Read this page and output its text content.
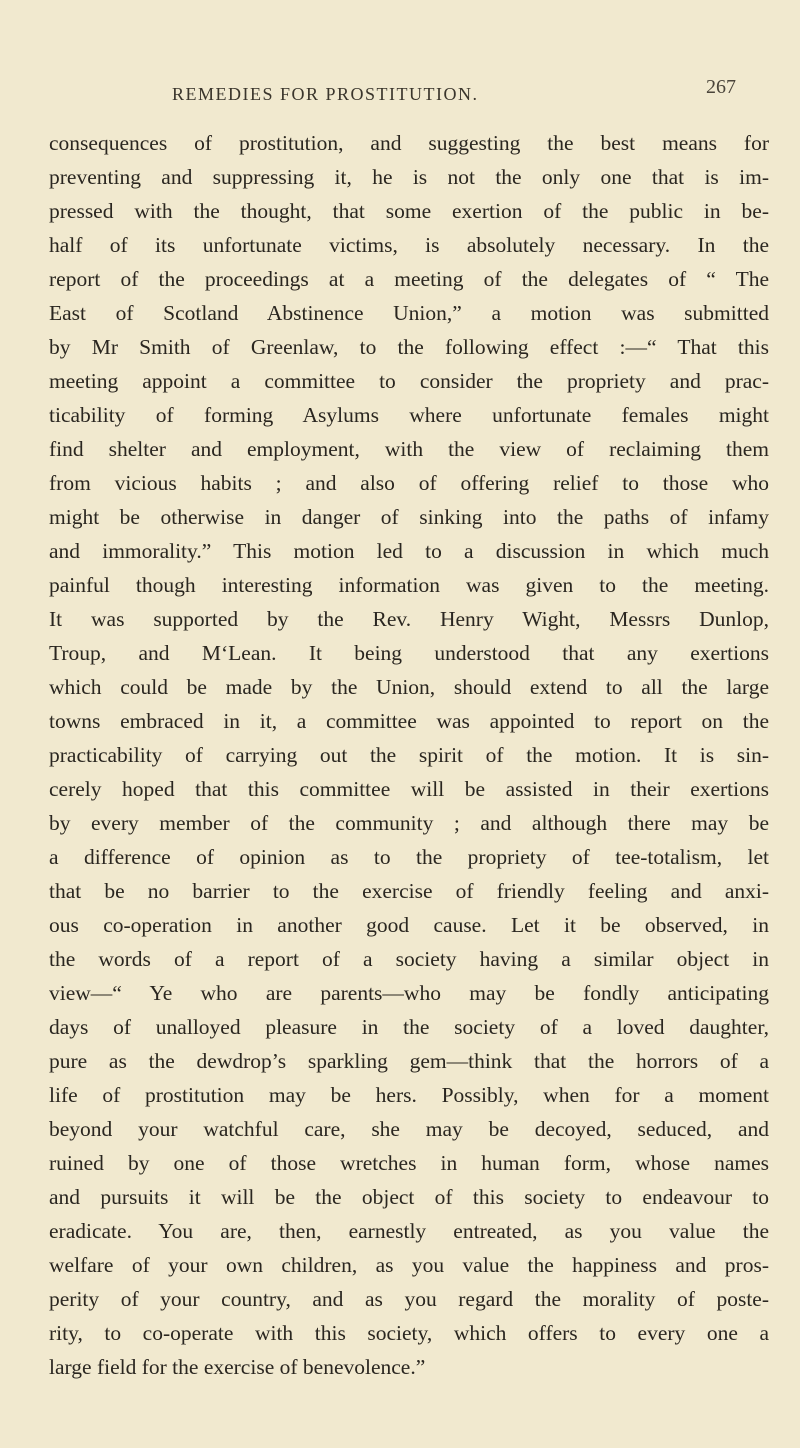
REMEDIES FOR PROSTITUTION.	267
consequences of prostitution, and suggesting the best means for
preventing and suppressing it, he is not the only one that is im-
pressed with the thought, that some exertion of the public in be-
half of its unfortunate victims, is absolutely necessary. In the
report of the proceedings at a meeting of the delegates of “ The
East of Scotland Abstinence Union,” a motion was submitted
by Mr Smith of Greenlaw, to the following effect :—“ That this
meeting appoint a committee to consider the propriety and prac-
ticability of forming Asylums where unfortunate females might
find shelter and employment, with the view of reclaiming them
from vicious habits ; and also of offering relief to those who
might be otherwise in danger of sinking into the paths of infamy
and immorality.” This motion led to a discussion in which much
painful though interesting information was given to the meeting.
It was supported by the Rev. Henry Wight, Messrs Dunlop,
Troup, and M‘Lean. It being understood that any exertions
which could be made by the Union, should extend to all the large
towns embraced in it, a committee was appointed to report on the
practicability of carrying out the spirit of the motion. It is sin-
cerely hoped that this committee will be assisted in their exertions
by every member of the community ; and although there may be
a difference of opinion as to the propriety of tee-totalism, let
that be no barrier to the exercise of friendly feeling and anxi-
ous co-operation in another good cause. Let it be observed, in
the words of a report of a society having a similar object in
view—“ Ye who are parents—who may be fondly anticipating
days of unalloyed pleasure in the society of a loved daughter,
pure as the dewdrop’s sparkling gem—think that the horrors of a
life of prostitution may be hers. Possibly, when for a moment
beyond your watchful care, she may be decoyed, seduced, and
ruined by one of those wretches in human form, whose names
and pursuits it will be the object of this society to endeavour to
eradicate. You are, then, earnestly entreated, as you value the
welfare of your own children, as you value the happiness and pros-
perity of your country, and as you regard the morality of poste-
rity, to co-operate with this society, which offers to every one a
large field for the exercise of benevolence.”
